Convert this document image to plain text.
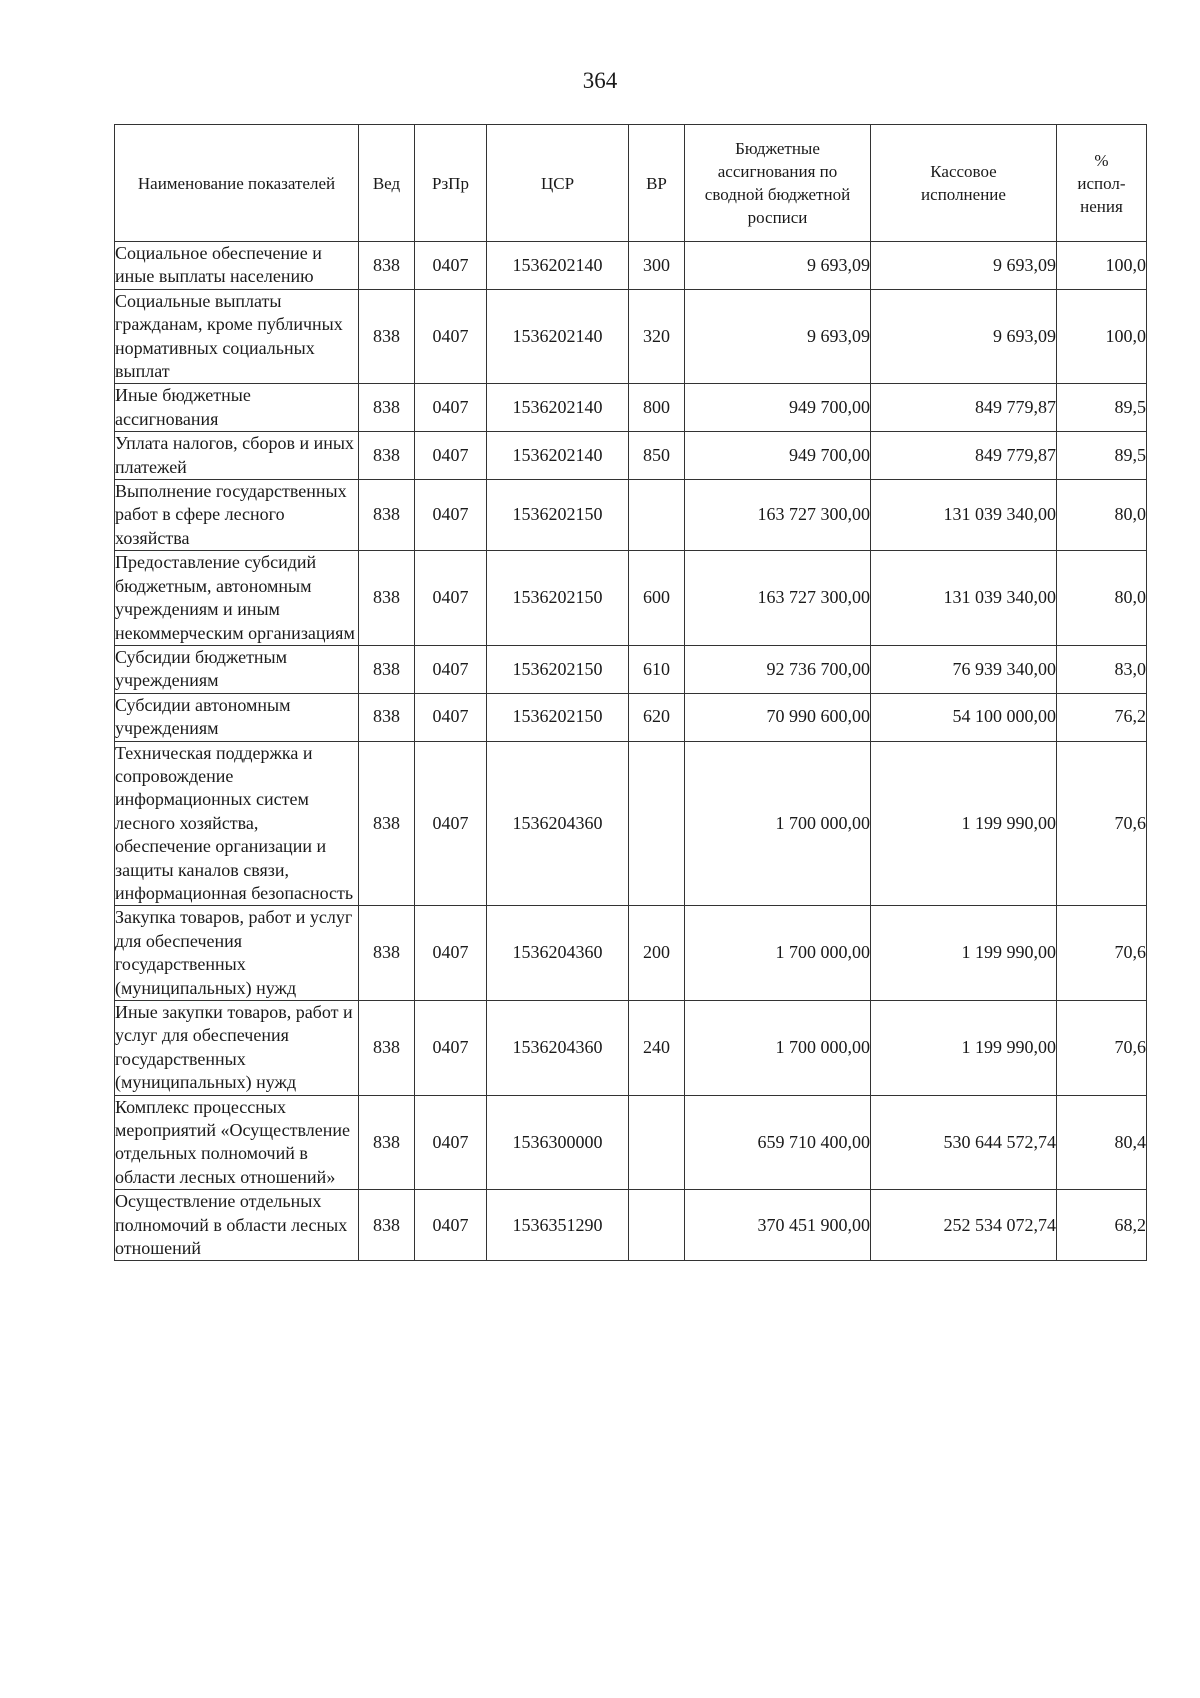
364
Наименование показателей	Вед	РзПр	ЦСР	ВР	Бюджетные ассигнования по сводной бюджетной росписи	Кассовое исполнение	% испол-нения
Социальное обеспечение и иные выплаты населению	838	0407	1536202140	300	9 693,09	9 693,09	100,0
Социальные выплаты гражданам, кроме публичных нормативных социальных выплат	838	0407	1536202140	320	9 693,09	9 693,09	100,0
Иные бюджетные ассигнования	838	0407	1536202140	800	949 700,00	849 779,87	89,5
Уплата налогов, сборов и иных платежей	838	0407	1536202140	850	949 700,00	849 779,87	89,5
Выполнение государственных работ в сфере лесного хозяйства	838	0407	1536202150		163 727 300,00	131 039 340,00	80,0
Предоставление субсидий бюджетным, автономным учреждениям и иным некоммерческим организациям	838	0407	1536202150	600	163 727 300,00	131 039 340,00	80,0
Субсидии бюджетным учреждениям	838	0407	1536202150	610	92 736 700,00	76 939 340,00	83,0
Субсидии автономным учреждениям	838	0407	1536202150	620	70 990 600,00	54 100 000,00	76,2
Техническая поддержка и сопровождение информационных систем лесного хозяйства, обеспечение организации и защиты каналов связи, информационная безопасность	838	0407	1536204360		1 700 000,00	1 199 990,00	70,6
Закупка товаров, работ и услуг для обеспечения государственных (муниципальных) нужд	838	0407	1536204360	200	1 700 000,00	1 199 990,00	70,6
Иные закупки товаров, работ и услуг для обеспечения государственных (муниципальных) нужд	838	0407	1536204360	240	1 700 000,00	1 199 990,00	70,6
Комплекс процессных мероприятий «Осуществление отдельных полномочий в области лесных отношений»	838	0407	1536300000		659 710 400,00	530 644 572,74	80,4
Осуществление отдельных полномочий в области лесных отношений	838	0407	1536351290		370 451 900,00	252 534 072,74	68,2
